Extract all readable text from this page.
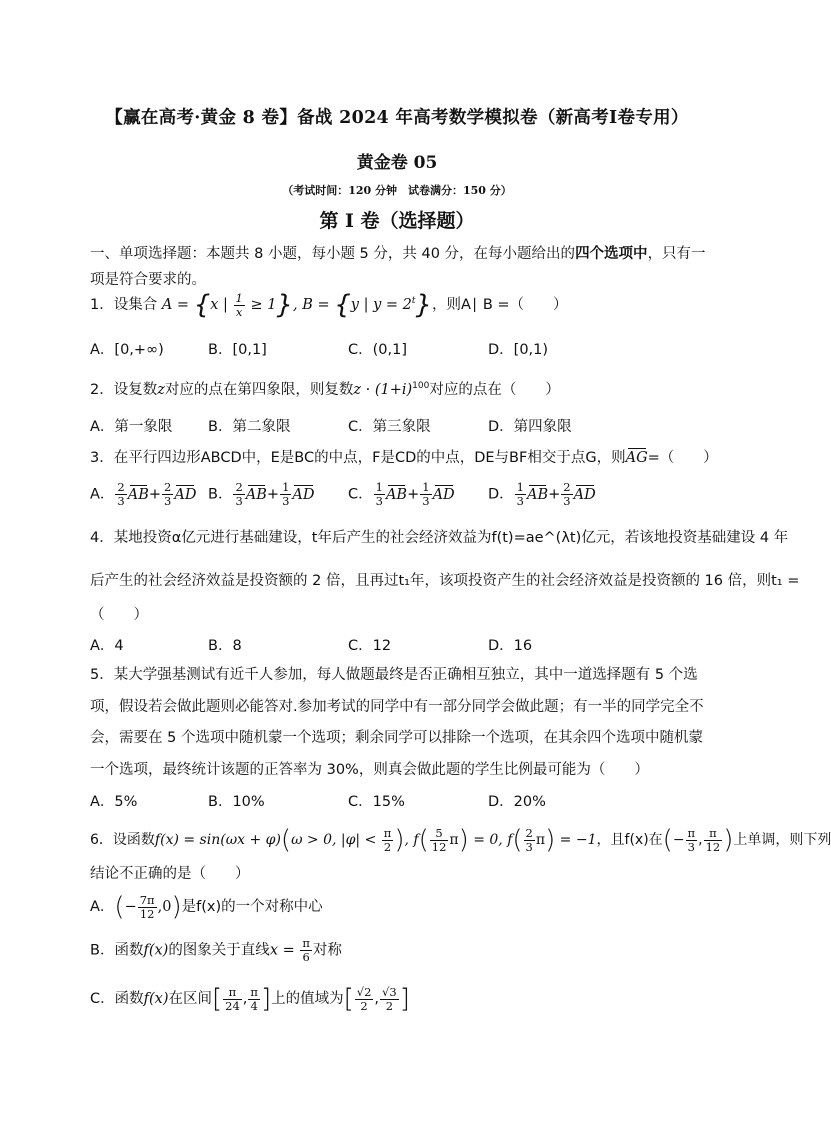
【赢在高考·黄金 8 卷】备战 2024 年高考数学模拟卷（新高考Ⅰ卷专用）
黄金卷 05
（考试时间：120 分钟　试卷满分：150 分）
第 I 卷（选择题）
一、单项选择题：本题共 8 小题，每小题 5 分，共 40 分，在每小题给出的四个选项中，只有一项是符合要求的。
1．设集合 A = {x | $\frac{1}{x} \ge 1$}, B = {y | $y = 2^t$}，则A∣ B =（　　）
A．[0,+∞)	B．[0,1]	C．(0,1]	D．[0,1)
2．设复数z对应的点在第四象限，则复数$z \cdot (1+i)^{100}$对应的点在（　　）
A．第一象限 B．第二象限	C．第三象限	D．第四象限
3．在平行四边形ABCD中，E是BC的中点，F是CD的中点，DE与BF相交于点G，则AG=（　　）
A． $\frac{2}{3} AB+ \frac{2}{3}$ AD B． $\frac{2}{3} AB+ \frac{1}{3}$ AD C． $\frac{1}{3} AB+ \frac{1}{3}$ AD D． $\frac{1}{3} AB+ \frac{2}{3}$ AD
4．某地投资α亿元进行基础建设，t年后产生的社会经济效益为f(t)=ae^(λt)亿元，若该地投资基础建设 4 年
后产生的社会经济效益是投资额的 2 倍，且再过t₁年，该项投资产生的社会经济效益是投资额的 16 倍，则t₁ =
（　　）
A．4	B．8	C．12	D．16
5．某大学强基测试有近千人参加，每人做题最终是否正确相互独立，其中一道选择题有 5 个选项，假设若会做此题则必能答对.参加考试的同学中有一部分同学会做此题；有一半的同学完全不会，需要在 5 个选项中随机蒙一个选项；剩余同学可以排除一个选项，在其余四个选项中随机蒙一个选项，最终统计该题的正答率为 30%，则真会做此题的学生比例最可能为（　　）
A．5%	B．10%	C．15%	D．20%
6．设函数f(x) = sin(ωx + φ)(ω > 0, $|\varphi| < \frac{\pi}{2}$ ), $f( \frac{5}{12} \pi) = 0$, $f( \frac{2}{3} \pi) = -1$，且f(x)在(− $\frac{\pi}{3}$ , $\frac{\pi}{12}$ )上单调，则下列
结论不正确的是（　　）
A．(− $\frac{7\pi}{12} ,0$)是f(x)的一个对称中心
B．函数f(x)的图象关于直线$x = \frac{\pi}{6}$ 对称
C．函数f(x)在区间[ $\frac{\pi}{24}$ , $\frac{\pi}{4}$ ]上的值域为[ $\frac{√2}{2}$ , $\frac{√3}{2}$ ]
